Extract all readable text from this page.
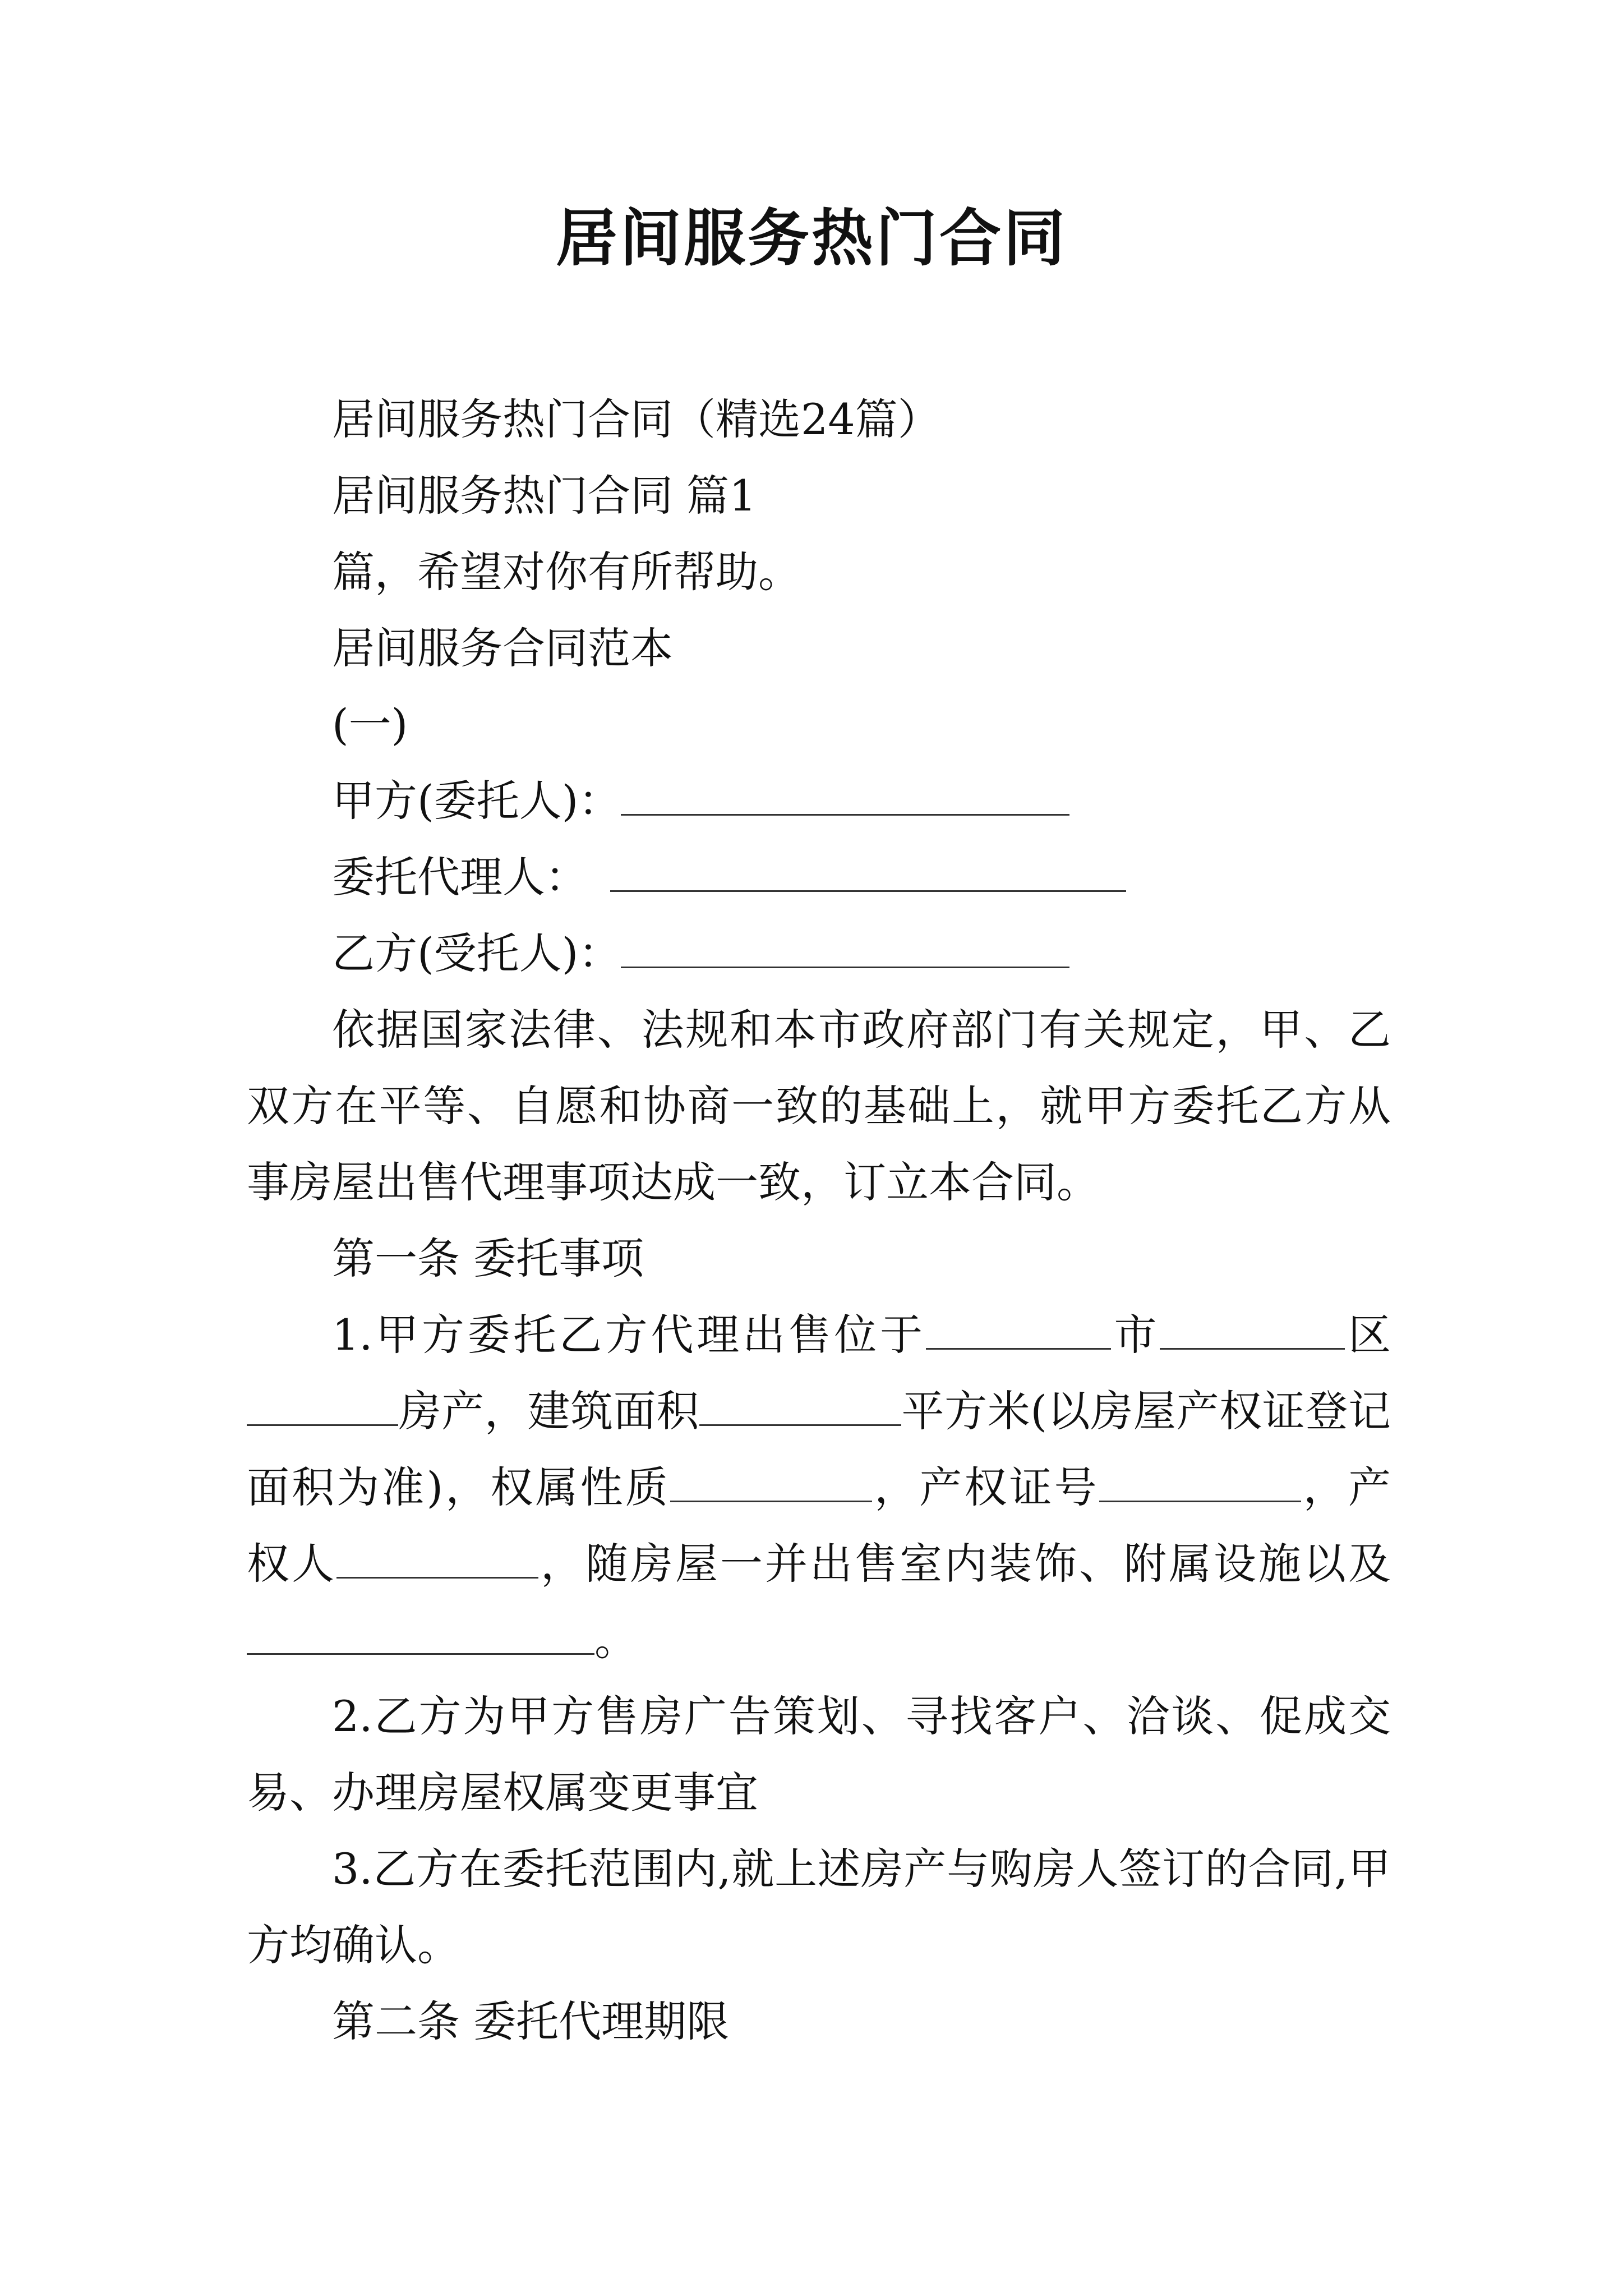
居间服务热门合同

居间服务热门合同（精选24篇）

居间服务热门合同 篇1

篇，希望对你有所帮助。

居间服务合同范本

(一)

甲方(委托人)：

委托代理人：

乙方(受托人)：

依据国家法律、法规和本市政府部门有关规定，甲、乙双方在平等、自愿和协商一致的基础上，就甲方委托乙方从事房屋出售代理事项达成一致，订立本合同。

第一条 委托事项

1.甲方委托乙方代理出售位于	市	区房产，建筑面积	平方米(以房屋产权证登记面积为准)，权属性质	，产权证号	，产权人	，随房屋一并出售室内装饰、附属设施以及。

2.乙方为甲方售房广告策划、寻找客户、洽谈、促成交易、办理房屋权属变更事宜

3.乙方在委托范围内,就上述房产与购房人签订的合同,甲方均确认。

第二条 委托代理期限
